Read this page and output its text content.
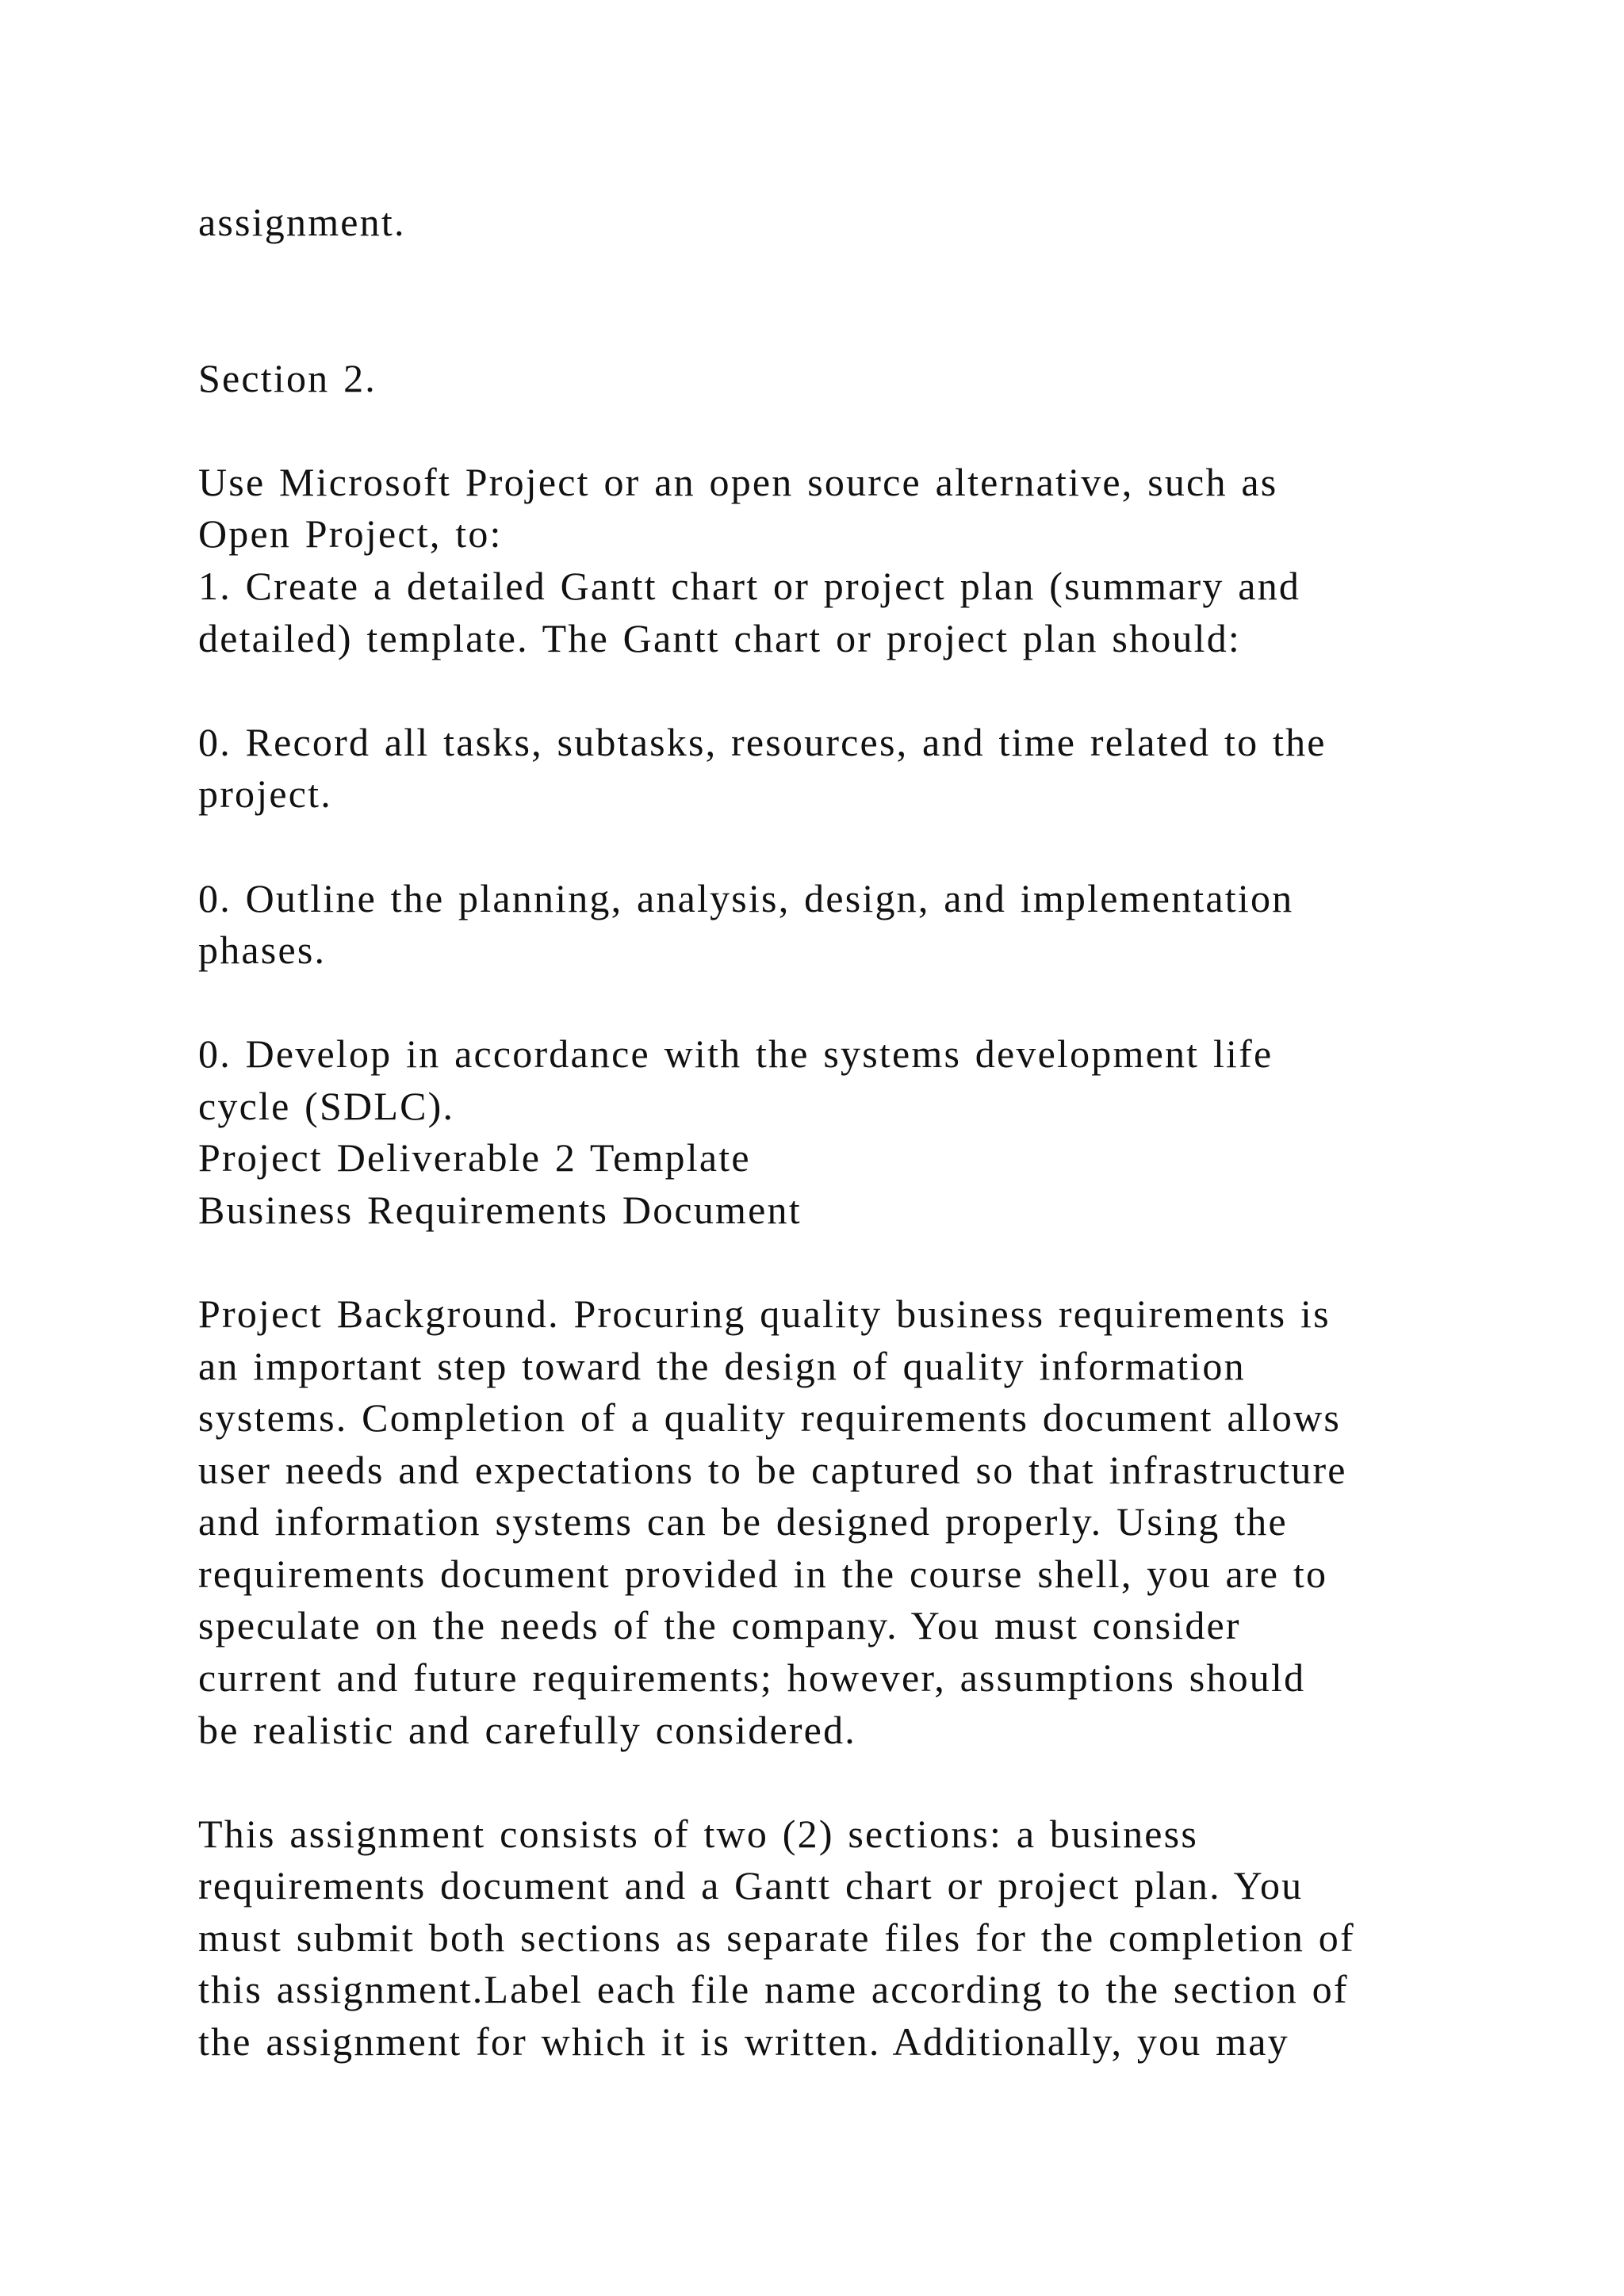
assignment.

Section 2.

Use Microsoft Project or an open source alternative, such as

Open Project, to:

1. Create a detailed Gantt chart or project plan (summary and

detailed) template. The Gantt chart or project plan should:

0. Record all tasks, subtasks, resources, and time related to the

project.

0. Outline the planning, analysis, design, and implementation

phases.

0. Develop in accordance with the systems development life

cycle (SDLC).

Project Deliverable 2 Template

Business Requirements Document

Project Background. Procuring quality business requirements is

an important step toward the design of quality information

systems. Completion of a quality requirements document allows

user needs and expectations to be captured so that infrastructure

and information systems can be designed properly. Using the

requirements document provided in the course shell, you are to

speculate on the needs of the company. You must consider

current and future requirements; however, assumptions should

be realistic and carefully considered.

This assignment consists of two (2) sections: a business

requirements document and a Gantt chart or project plan. You

must submit both sections as separate files for the completion of

this assignment.Label each file name according to the section of

the assignment for which it is written. Additionally, you may
